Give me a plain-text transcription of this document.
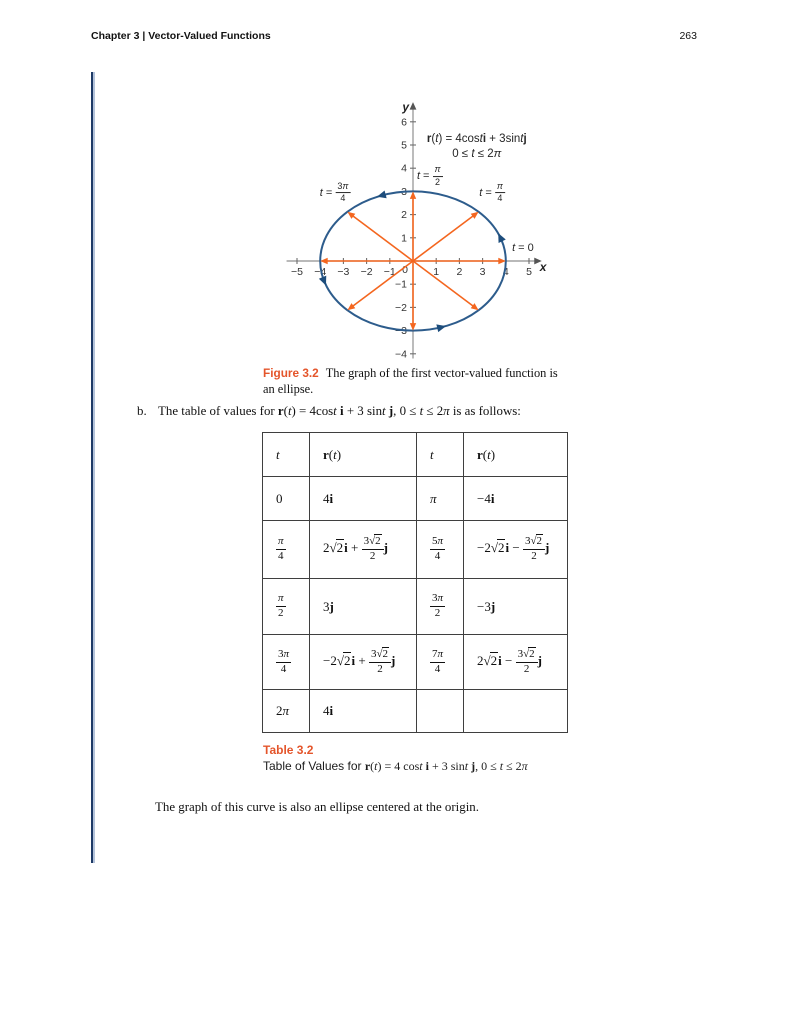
Chapter 3 | Vector-Valued Functions	263
−5 −4 −3 −2 −1 0 1 2 3 4 5
−4
−3
−2
−1
1
2
3
4
5
6
x
y
$t = \frac{3\pi}{4}$	$t = \frac{\pi}{4}$
$t = \frac{\pi}{2}$
t = 0
r(t) = 4costi + 3sintj
0 ≤ t ≤ 2π
Figure 3.2 The graph of the first vector-valued function is an ellipse.
b. The table of values for r(t) = 4cost i + 3 sint j, 0 ≤ t ≤ 2π is as follows:
t	r(t)	t	r(t)
0	4i	π	−4i

$\frac{\pi}{4}$	$2√2i + \frac{3√2}{2}$ j	$\frac{5\pi}{4}$	$-2√2i - \frac{3√2}{2}$ j

$\frac{\pi}{2}$	3j	$\frac{3\pi}{2}$	−3j

$\frac{3\pi}{4}$	$-2√2i + \frac{3√2}{2}$ j	$\frac{7\pi}{4}$	$2√2i - \frac{3√2}{2}$ j
2π	4i		
Table 3.2
Table of Values for r(t) = 4 cost i + 3 sint j, 0 ≤ t ≤ 2π
The graph of this curve is also an ellipse centered at the origin.
